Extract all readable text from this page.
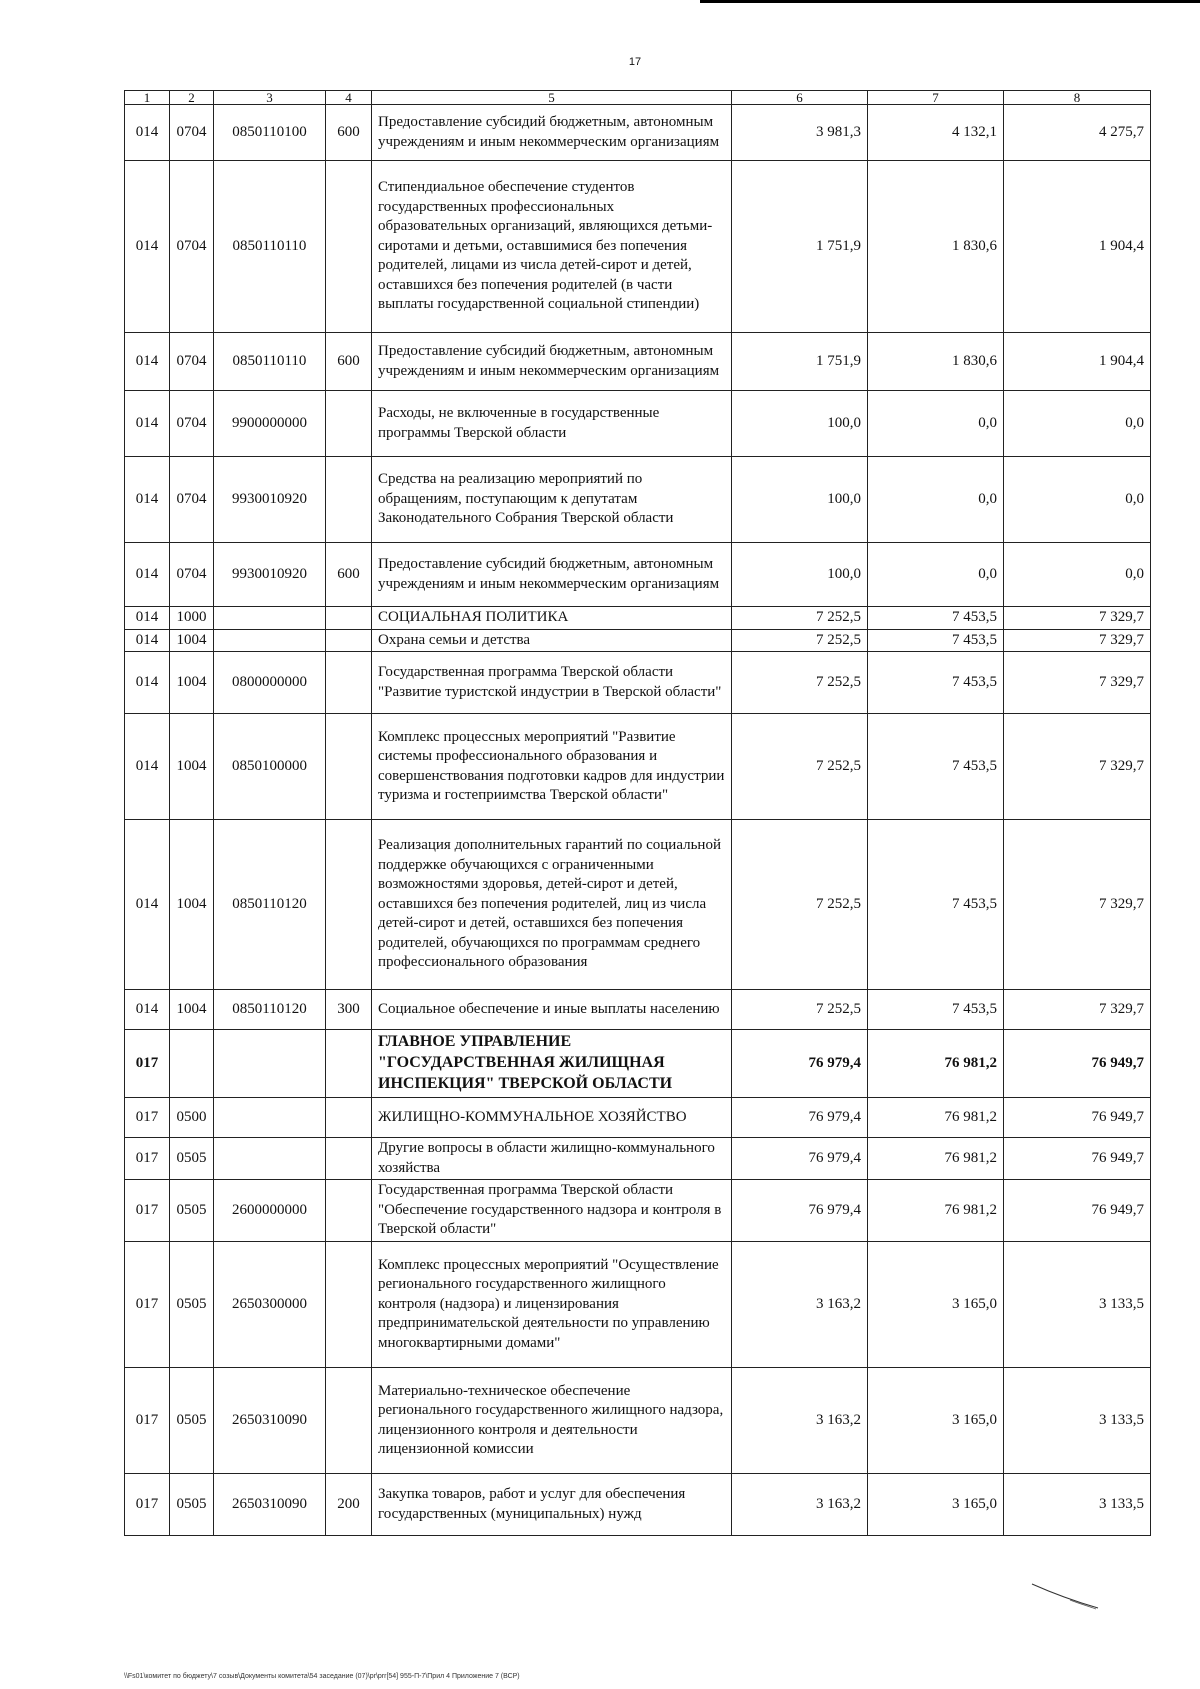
17
1	2	3	4	5	6	7	8
014	0704	0850110100	600	Предоставление субсидий бюджетным, автономным учреждениям и иным некоммерческим организациям	3 981,3	4 132,1	4 275,7
014	0704	0850110110		Стипендиальное обеспечение студентов государственных профессиональных образовательных организаций, являющихся детьми-сиротами и детьми, оставшимися без попечения родителей, лицами из числа детей-сирот и детей, оставшихся без попечения родителей (в части выплаты государственной социальной стипендии)	1 751,9	1 830,6	1 904,4
014	0704	0850110110	600	Предоставление субсидий бюджетным, автономным учреждениям и иным некоммерческим организациям	1 751,9	1 830,6	1 904,4
014	0704	9900000000		Расходы, не включенные в государственные программы Тверской области	100,0	0,0	0,0
014	0704	9930010920		Средства на реализацию мероприятий по обращениям, поступающим к депутатам Законодательного Собрания Тверской области	100,0	0,0	0,0
014	0704	9930010920	600	Предоставление субсидий бюджетным, автономным учреждениям и иным некоммерческим организациям	100,0	0,0	0,0
014	1000			СОЦИАЛЬНАЯ ПОЛИТИКА	7 252,5	7 453,5	7 329,7
014	1004			Охрана семьи и детства	7 252,5	7 453,5	7 329,7
014	1004	0800000000		Государственная программа Тверской области "Развитие туристской индустрии в Тверской области"	7 252,5	7 453,5	7 329,7
014	1004	0850100000		Комплекс процессных мероприятий "Развитие системы профессионального образования и совершенствования подготовки кадров для индустрии туризма и гостеприимства Тверской области"	7 252,5	7 453,5	7 329,7
014	1004	0850110120		Реализация дополнительных гарантий по социальной поддержке обучающихся с ограниченными возможностями здоровья, детей-сирот и детей, оставшихся без попечения родителей, лиц из числа детей-сирот и детей, оставшихся без попечения родителей, обучающихся по программам среднего профессионального образования	7 252,5	7 453,5	7 329,7
014	1004	0850110120	300	Социальное обеспечение и иные выплаты населению	7 252,5	7 453,5	7 329,7
017				ГЛАВНОЕ УПРАВЛЕНИЕ "ГОСУДАРСТВЕННАЯ ЖИЛИЩНАЯ ИНСПЕКЦИЯ" ТВЕРСКОЙ ОБЛАСТИ	76 979,4	76 981,2	76 949,7
017	0500			ЖИЛИЩНО-КОММУНАЛЬНОЕ ХОЗЯЙСТВО	76 979,4	76 981,2	76 949,7
017	0505			Другие вопросы в области жилищно-коммунального хозяйства	76 979,4	76 981,2	76 949,7
017	0505	2600000000		Государственная программа Тверской области "Обеспечение государственного надзора и контроля в Тверской области"	76 979,4	76 981,2	76 949,7
017	0505	2650300000		Комплекс процессных мероприятий "Осуществление регионального государственного жилищного контроля (надзора) и лицензирования предпринимательской деятельности по управлению многоквартирными домами"	3 163,2	3 165,0	3 133,5
017	0505	2650310090		Материально-техническое обеспечение регионального государственного жилищного надзора, лицензионного контроля и деятельности лицензионной комиссии	3 163,2	3 165,0	3 133,5
017	0505	2650310090	200	Закупка товаров, работ и услуг для обеспечения государственных (муниципальных) нужд	3 163,2	3 165,0	3 133,5
\\Fs01\комитет по бюджету\7 созыв\Документы комитета\54 заседание (07)\pr\prr[54] 955-П-7\Прил 4 Приложение 7 (ВСР)
